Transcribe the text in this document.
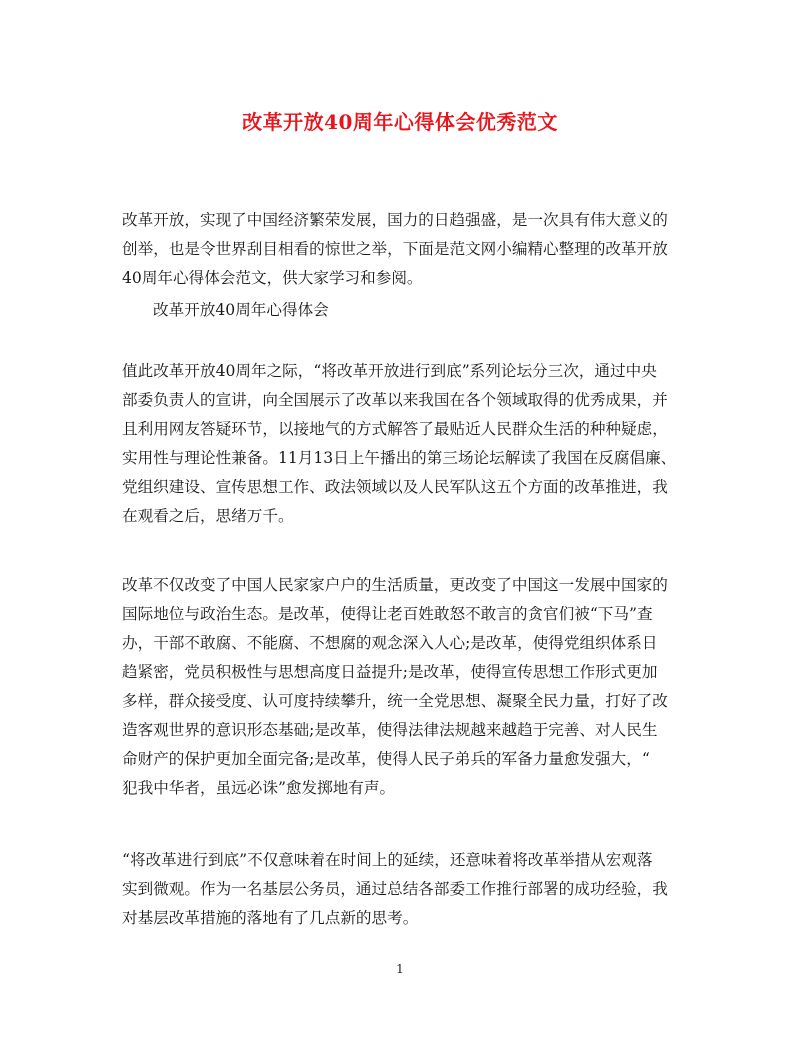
改革开放40周年心得体会优秀范文
改革开放，实现了中国经济繁荣发展，国力的日趋强盛，是一次具有伟大意义的
创举，也是令世界刮目相看的惊世之举，下面是范文网小编精心整理的改革开放
40周年心得体会范文，供大家学习和参阅。
改革开放40周年心得体会
值此改革开放40周年之际，“将改革开放进行到底”系列论坛分三次，通过中央
部委负责人的宣讲，向全国展示了改革以来我国在各个领域取得的优秀成果，并
且利用网友答疑环节，以接地气的方式解答了最贴近人民群众生活的种种疑虑，
实用性与理论性兼备。11月13日上午播出的第三场论坛解读了我国在反腐倡廉、
党组织建设、宣传思想工作、政法领域以及人民军队这五个方面的改革推进，我
在观看之后，思绪万千。
改革不仅改变了中国人民家家户户的生活质量，更改变了中国这一发展中国家的
国际地位与政治生态。是改革，使得让老百姓敢怒不敢言的贪官们被“下马”查
办，干部不敢腐、不能腐、不想腐的观念深入人心;是改革，使得党组织体系日
趋紧密，党员积极性与思想高度日益提升;是改革，使得宣传思想工作形式更加
多样，群众接受度、认可度持续攀升，统一全党思想、凝聚全民力量，打好了改
造客观世界的意识形态基础;是改革，使得法律法规越来越趋于完善、对人民生
命财产的保护更加全面完备;是改革，使得人民子弟兵的军备力量愈发强大，“
犯我中华者，虽远必诛”愈发掷地有声。
“将改革进行到底”不仅意味着在时间上的延续，还意味着将改革举措从宏观落
实到微观。作为一名基层公务员，通过总结各部委工作推行部署的成功经验，我
对基层改革措施的落地有了几点新的思考。
1
